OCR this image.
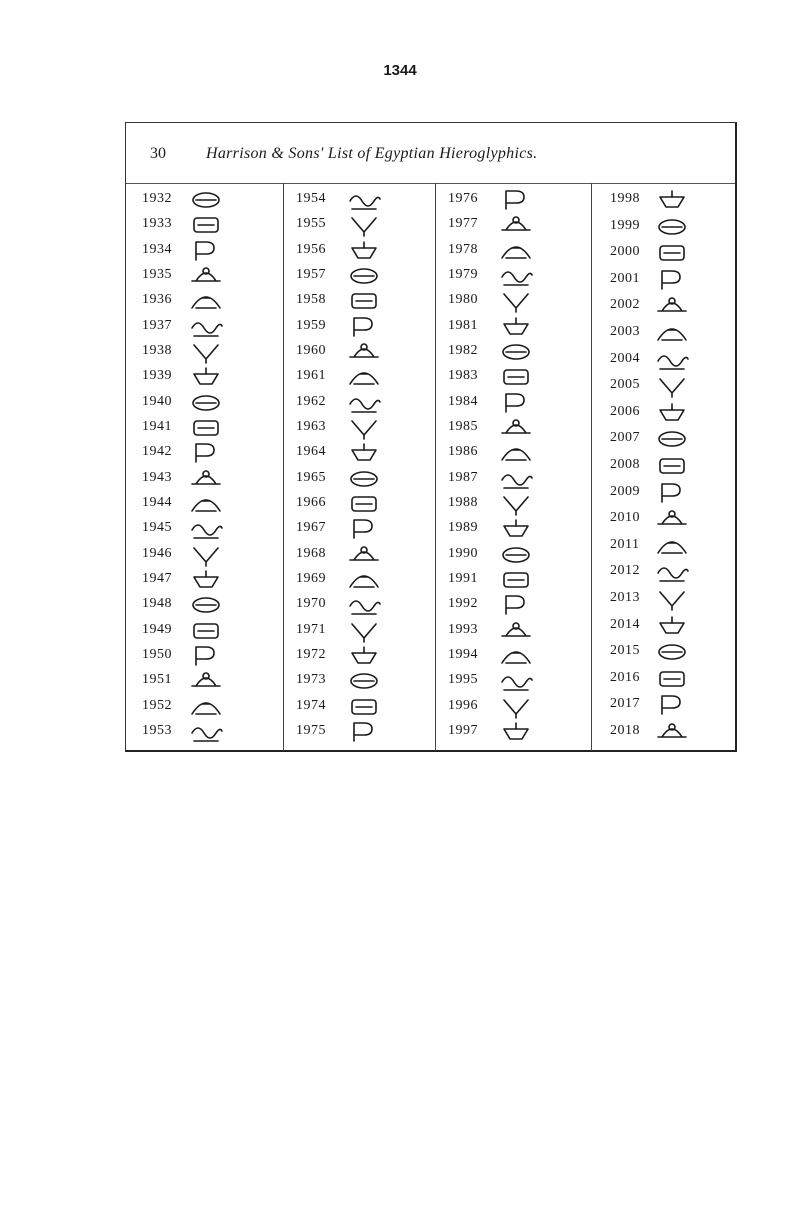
1344
30	Harrison & Sons' List of Egyptian Hieroglyphics.
1932
1933
1934
1935
1936
1937
1938
1939
1940
1941
1942
1943
1944
1945
1946
1947
1948
1949
1950
1951
1952
1953
1954
1955
1956
1957
1958
1959
1960
1961
1962
1963
1964
1965
1966
1967
1968
1969
1970
1971
1972
1973
1974
1975
1976
1977
1978
1979
1980
1981
1982
1983
1984
1985
1986
1987
1988
1989
1990
1991
1992
1993
1994
1995
1996
1997
1998
1999
2000
2001
2002
2003
2004
2005
2006
2007
2008
2009
2010
2011
2012
2013
2014
2015
2016
2017
2018
